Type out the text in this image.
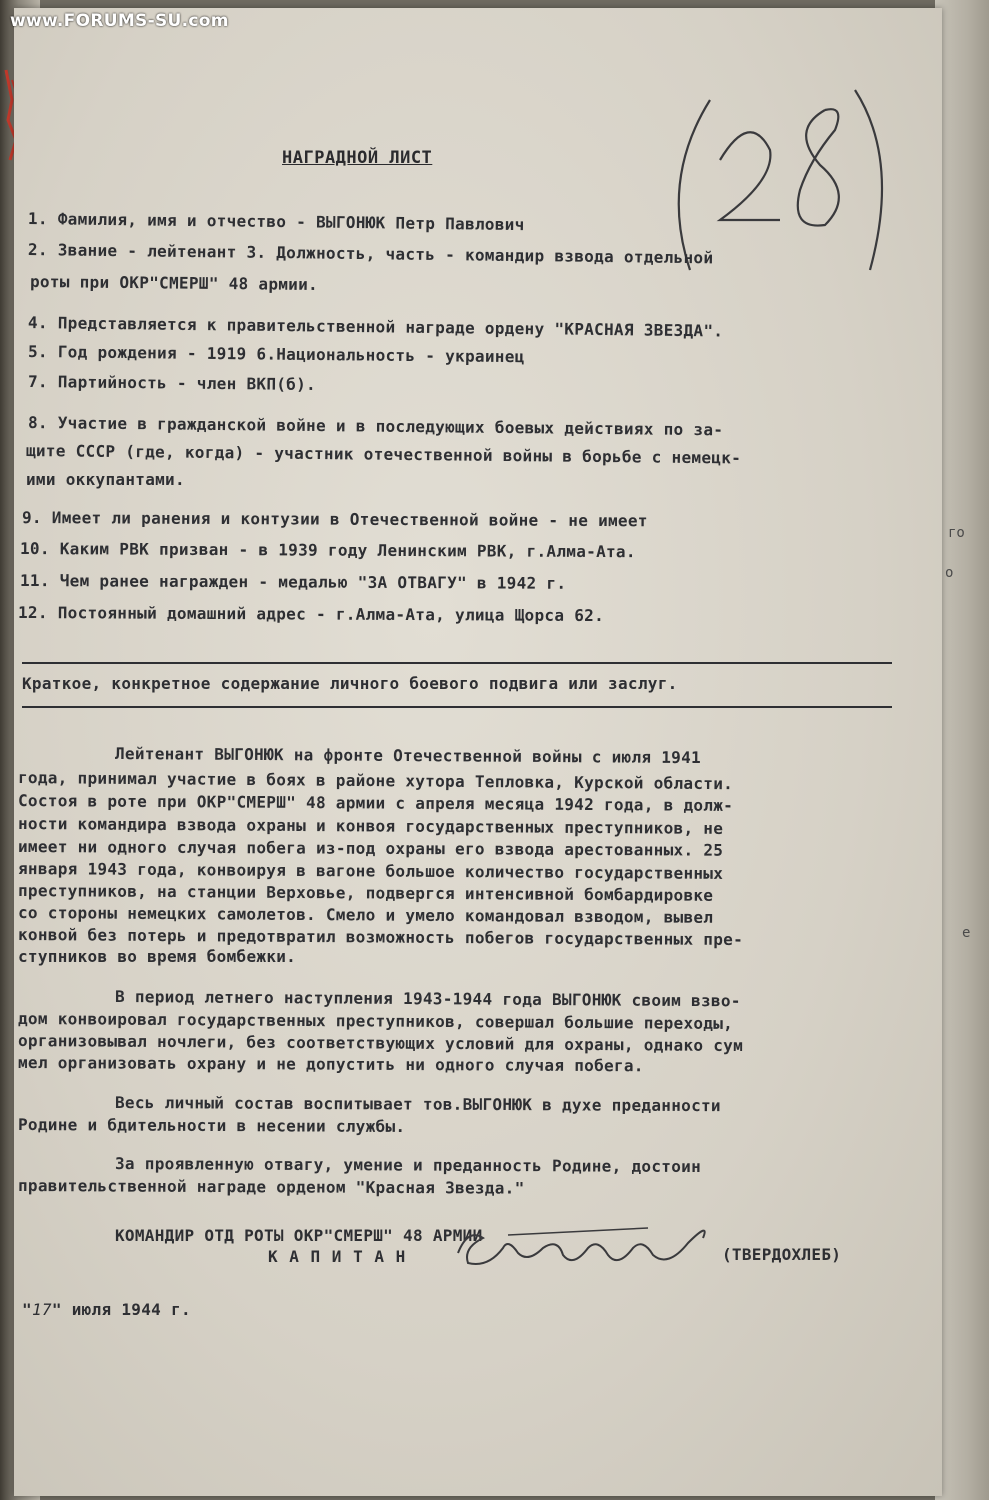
www.FORUMS-SU.com
28
НАГРАДНОЙ ЛИСТ
1. Фамилия, имя и отчество - ВЫГОНЮК Петр Павлович
2. Звание - лейтенант 3. Должность, часть - командир взвода отдельной
роты при ОКР"СМЕРШ" 48 армии.
4. Представляется к правительственной награде ордену "КРАСНАЯ ЗВЕЗДА".
5. Год рождения - 1919 6.Национальность - украинец
7. Партийность - член ВКП(б).
8. Участие в гражданской войне и в последующих боевых действиях по за-
щите СССР (где, когда) - участник отечественной войны в борьбе с немецк-
ими оккупантами.
9. Имеет ли ранения и контузии в Отечественной войне - не имеет
10. Каким РВК призван - в 1939 году Ленинским РВК, г.Алма-Ата.
11. Чем ранее награжден - медалью "ЗА ОТВАГУ" в 1942 г.
12. Постоянный домашний адрес - г.Алма-Ата, улица Щорса 62.
Краткое, конкретное содержание личного боевого подвига или заслуг.
Лейтенант ВЫГОНЮК на фронте Отечественной войны с июля 1941
года, принимал участие в боях в районе хутора Тепловка, Курской области.
Состоя в роте при ОКР"СМЕРШ" 48 армии с апреля месяца 1942 года, в долж-
ности командира взвода охраны и конвоя государственных преступников, не
имеет ни одного случая побега из-под охраны его взвода арестованных. 25
января 1943 года, конвоируя в вагоне большое количество государственных
преступников, на станции Верховье, подвергся интенсивной бомбардировке
со стороны немецких самолетов. Смело и умело командовал взводом, вывел
конвой без потерь и предотвратил возможность побегов государственных пре-
ступников во время бомбежки.
В период летнего наступления 1943-1944 года ВЫГОНЮК своим взво-
дом конвоировал государственных преступников, совершал большие переходы,
организовывал ночлеги, без соответствующих условий для охраны, однако сум
мел организовать охрану и не допустить ни одного случая побега.
Весь личный состав воспитывает тов.ВЫГОНЮК в духе преданности
Родине и бдительности в несении службы.
За проявленную отвагу, умение и преданность Родине, достоин
правительственной награде орденом "Красная Звезда."
КОМАНДИР ОТД РОТЫ ОКР"СМЕРШ" 48 АРМИИ
К А П И Т А Н	(ТВЕРДОХЛЕБ)
"17" июля 1944 г.
го
о
е
